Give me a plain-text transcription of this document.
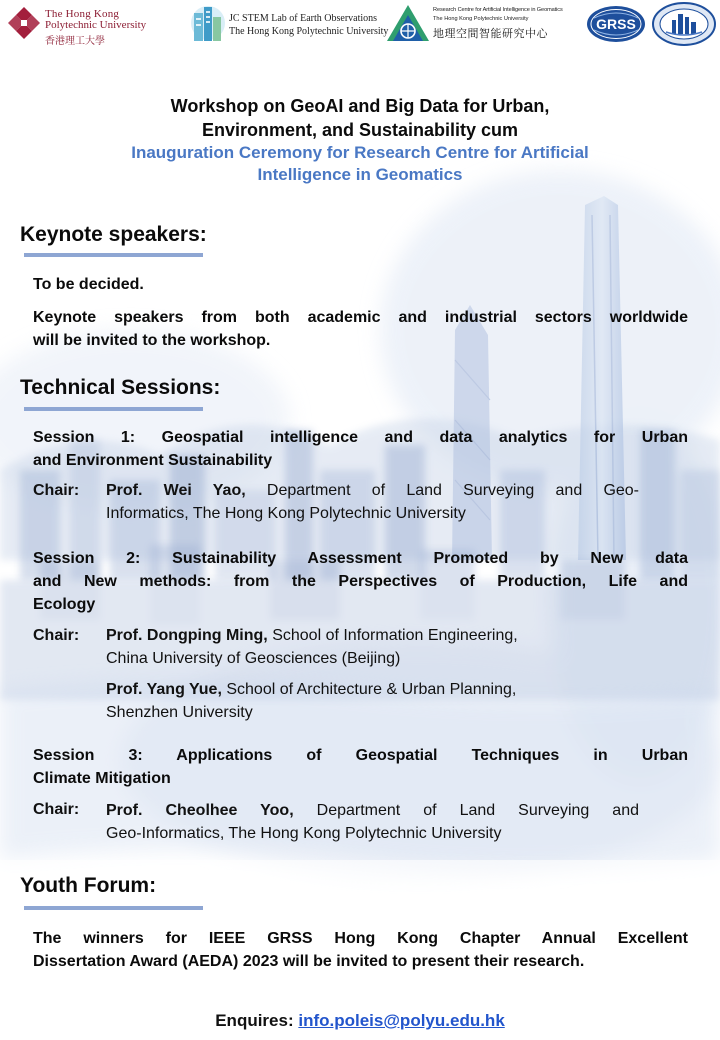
The Hong Kong
Polytechnic University
香港理工大學
JC STEM Lab of Earth Observations
The Hong Kong Polytechnic University
Research Centre for Artificial Intelligence in Geomatics
The Hong Kong Polytechnic University
地理空間智能研究中心
GRSS
Workshop on GeoAI and Big Data for Urban,
Environment, and Sustainability cum
Inauguration Ceremony for Research Centre for Artificial
Intelligence in Geomatics
Keynote speakers:
To be decided.
Keynote speakers from both academic and industrial sectors worldwide
will be invited to the workshop.
Technical Sessions:
Session 1: Geospatial intelligence and data analytics for Urban
and Environment Sustainability
Chair: Prof. Wei Yao, Department of Land Surveying and Geo-
Informatics, The Hong Kong Polytechnic University
Session 2: Sustainability Assessment Promoted by New data
and New methods: from the Perspectives of Production, Life and
Ecology
Chair: Prof. Dongping Ming, School of Information Engineering,
China University of Geosciences (Beijing)
Prof. Yang Yue, School of Architecture & Urban Planning,
Shenzhen University
Session 3: Applications of Geospatial Techniques in Urban
Climate Mitigation
Chair: Prof. Cheolhee Yoo, Department of Land Surveying and
Geo-Informatics, The Hong Kong Polytechnic University
Youth Forum:
The winners for IEEE GRSS Hong Kong Chapter Annual Excellent
Dissertation Award (AEDA) 2023 will be invited to present their research.
Enquires: info.poleis@polyu.edu.hk
